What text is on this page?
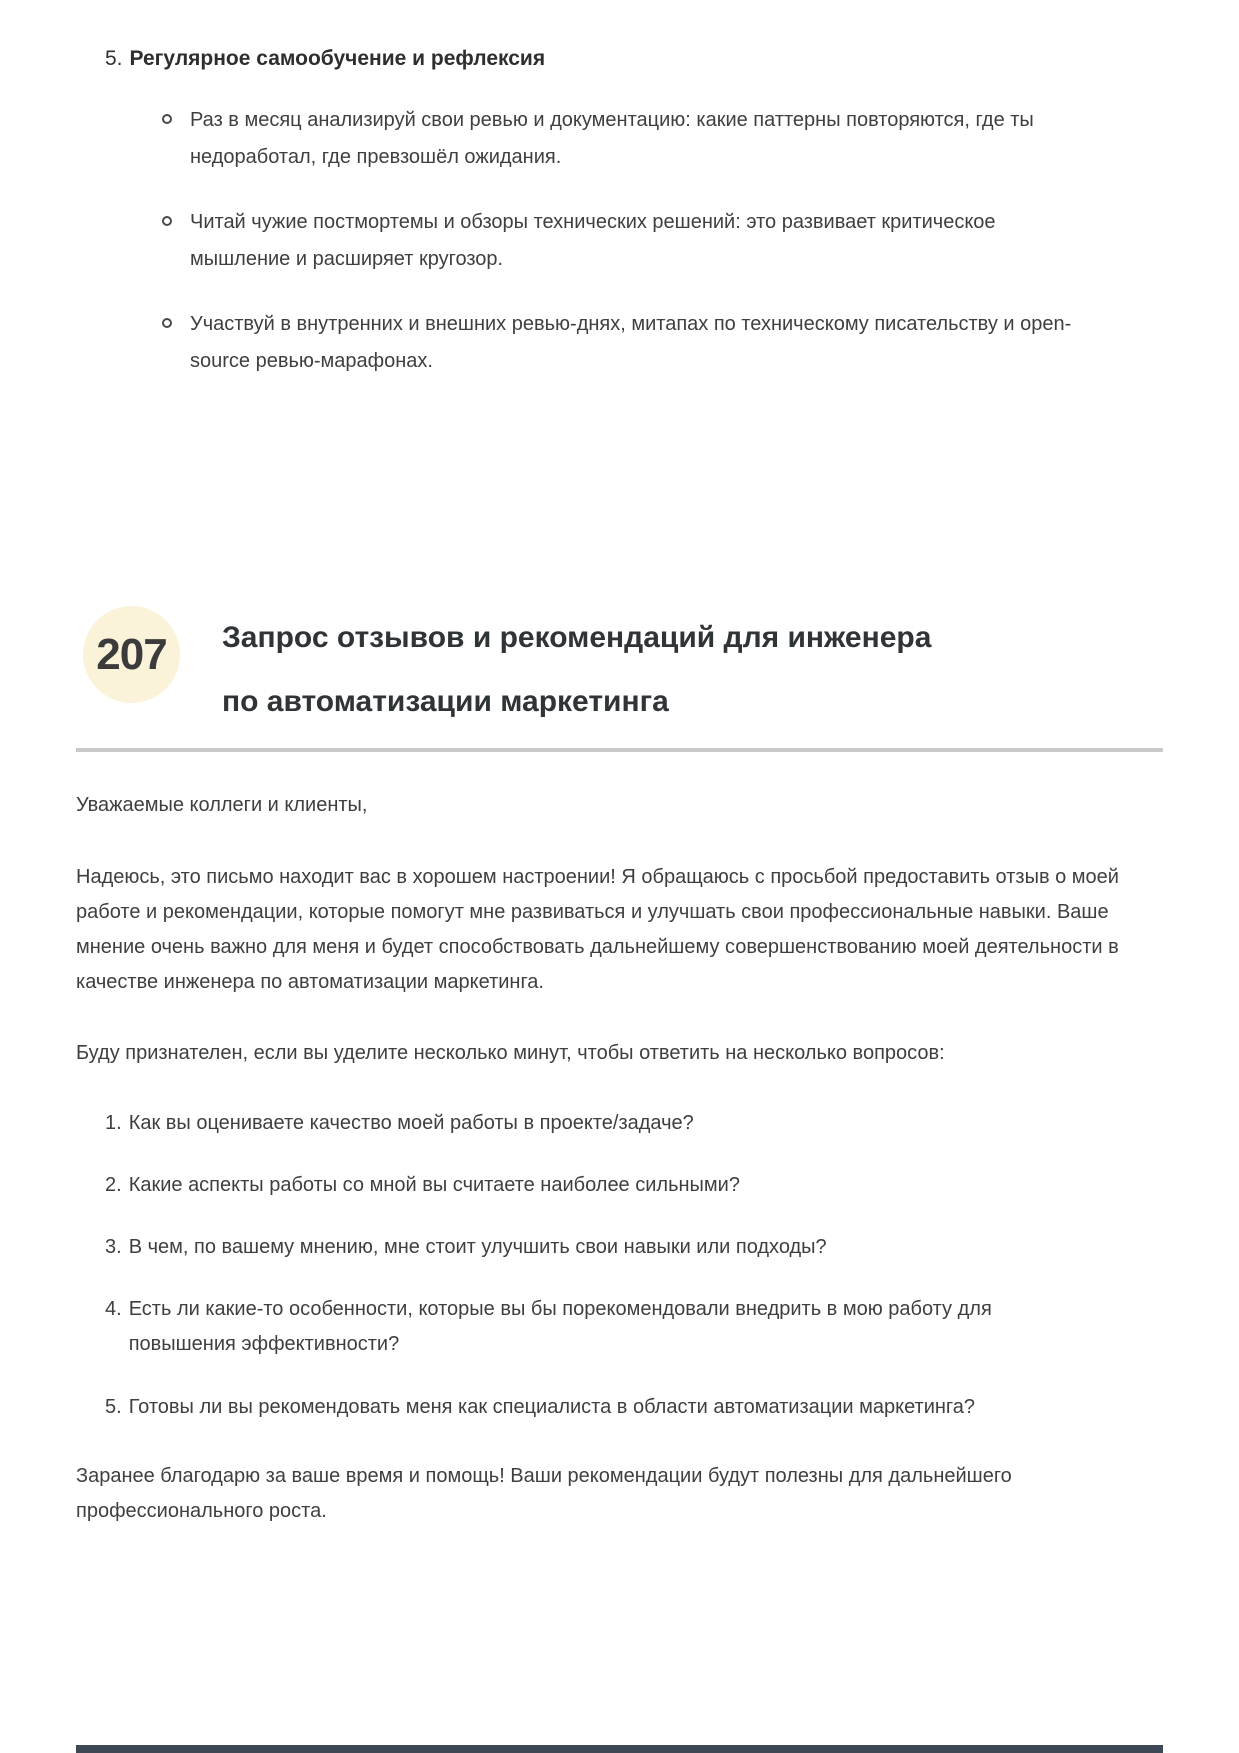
5. Регулярное самообучение и рефлексия
Раз в месяц анализируй свои ревью и документацию: какие паттерны повторяются, где ты недоработал, где превзошёл ожидания.
Читай чужие постмортемы и обзоры технических решений: это развивает критическое мышление и расширяет кругозор.
Участвуй в внутренних и внешних ревью-днях, митапах по техническому писательству и open-source ревью-марафонах.
207	Запрос отзывов и рекомендаций для инженера
по автоматизации маркетинга

Уважаемые коллеги и клиенты,

Надеюсь, это письмо находит вас в хорошем настроении! Я обращаюсь с просьбой предоставить отзыв о моей работе и рекомендации, которые помогут мне развиваться и улучшать свои профессиональные навыки. Ваше мнение очень важно для меня и будет способствовать дальнейшему совершенствованию моей деятельности в качестве инженера по автоматизации маркетинга.

Буду признателен, если вы уделите несколько минут, чтобы ответить на несколько вопросов:

1. Как вы оцениваете качество моей работы в проекте/задаче?
2. Какие аспекты работы со мной вы считаете наиболее сильными?
3. В чем, по вашему мнению, мне стоит улучшить свои навыки или подходы?
4. Есть ли какие-то особенности, которые вы бы порекомендовали внедрить в мою работу для повышения эффективности?
5. Готовы ли вы рекомендовать меня как специалиста в области автоматизации маркетинга?

Заранее благодарю за ваше время и помощь! Ваши рекомендации будут полезны для дальнейшего профессионального роста.
